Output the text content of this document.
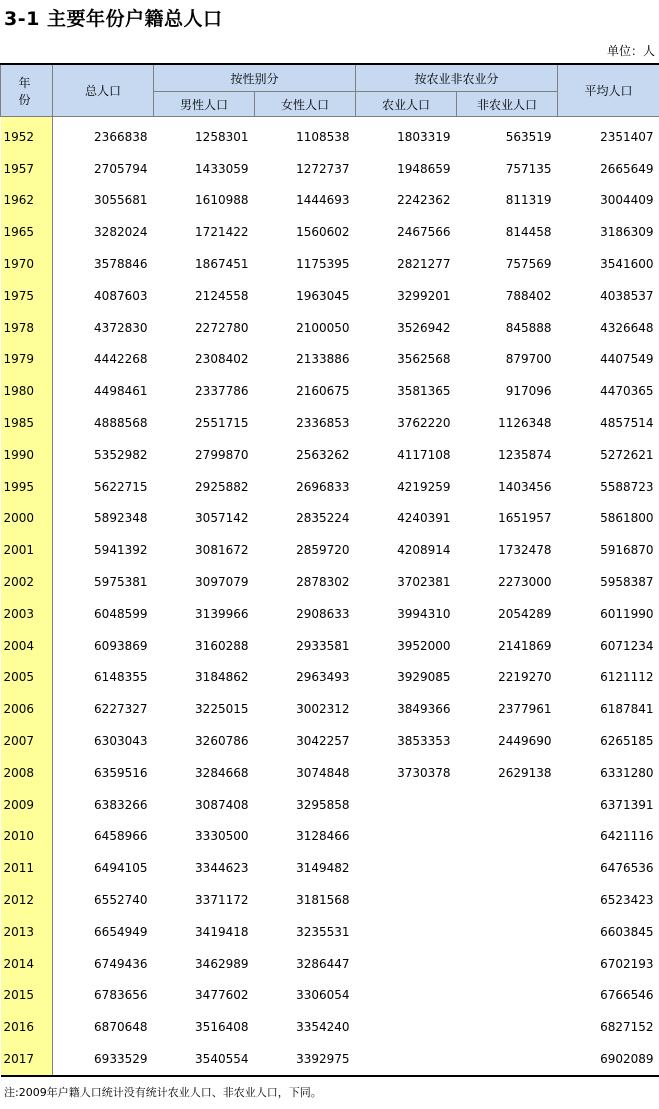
3-1 主要年份户籍总人口
单位：人
年 份	总人口	按性别分		按农业非农业分		平均人口
		男性人口	女性人口	农业人口	非农业人口	
1952	2366838	1258301	1108538	1803319	563519	2351407
1957	2705794	1433059	1272737	1948659	757135	2665649
1962	3055681	1610988	1444693	2242362	811319	3004409
1965	3282024	1721422	1560602	2467566	814458	3186309
1970	3578846	1867451	1175395	2821277	757569	3541600
1975	4087603	2124558	1963045	3299201	788402	4038537
1978	4372830	2272780	2100050	3526942	845888	4326648
1979	4442268	2308402	2133886	3562568	879700	4407549
1980	4498461	2337786	2160675	3581365	917096	4470365
1985	4888568	2551715	2336853	3762220	1126348	4857514
1990	5352982	2799870	2563262	4117108	1235874	5272621
1995	5622715	2925882	2696833	4219259	1403456	5588723
2000	5892348	3057142	2835224	4240391	1651957	5861800
2001	5941392	3081672	2859720	4208914	1732478	5916870
2002	5975381	3097079	2878302	3702381	2273000	5958387
2003	6048599	3139966	2908633	3994310	2054289	6011990
2004	6093869	3160288	2933581	3952000	2141869	6071234
2005	6148355	3184862	2963493	3929085	2219270	6121112
2006	6227327	3225015	3002312	3849366	2377961	6187841
2007	6303043	3260786	3042257	3853353	2449690	6265185
2008	6359516	3284668	3074848	3730378	2629138	6331280
2009	6383266	3087408	3295858			6371391
2010	6458966	3330500	3128466			6421116
2011	6494105	3344623	3149482			6476536
2012	6552740	3371172	3181568			6523423
2013	6654949	3419418	3235531			6603845
2014	6749436	3462989	3286447			6702193
2015	6783656	3477602	3306054			6766546
2016	6870648	3516408	3354240			6827152
2017	6933529	3540554	3392975			6902089
注:2009年户籍人口统计没有统计农业人口、非农业人口，下同。
